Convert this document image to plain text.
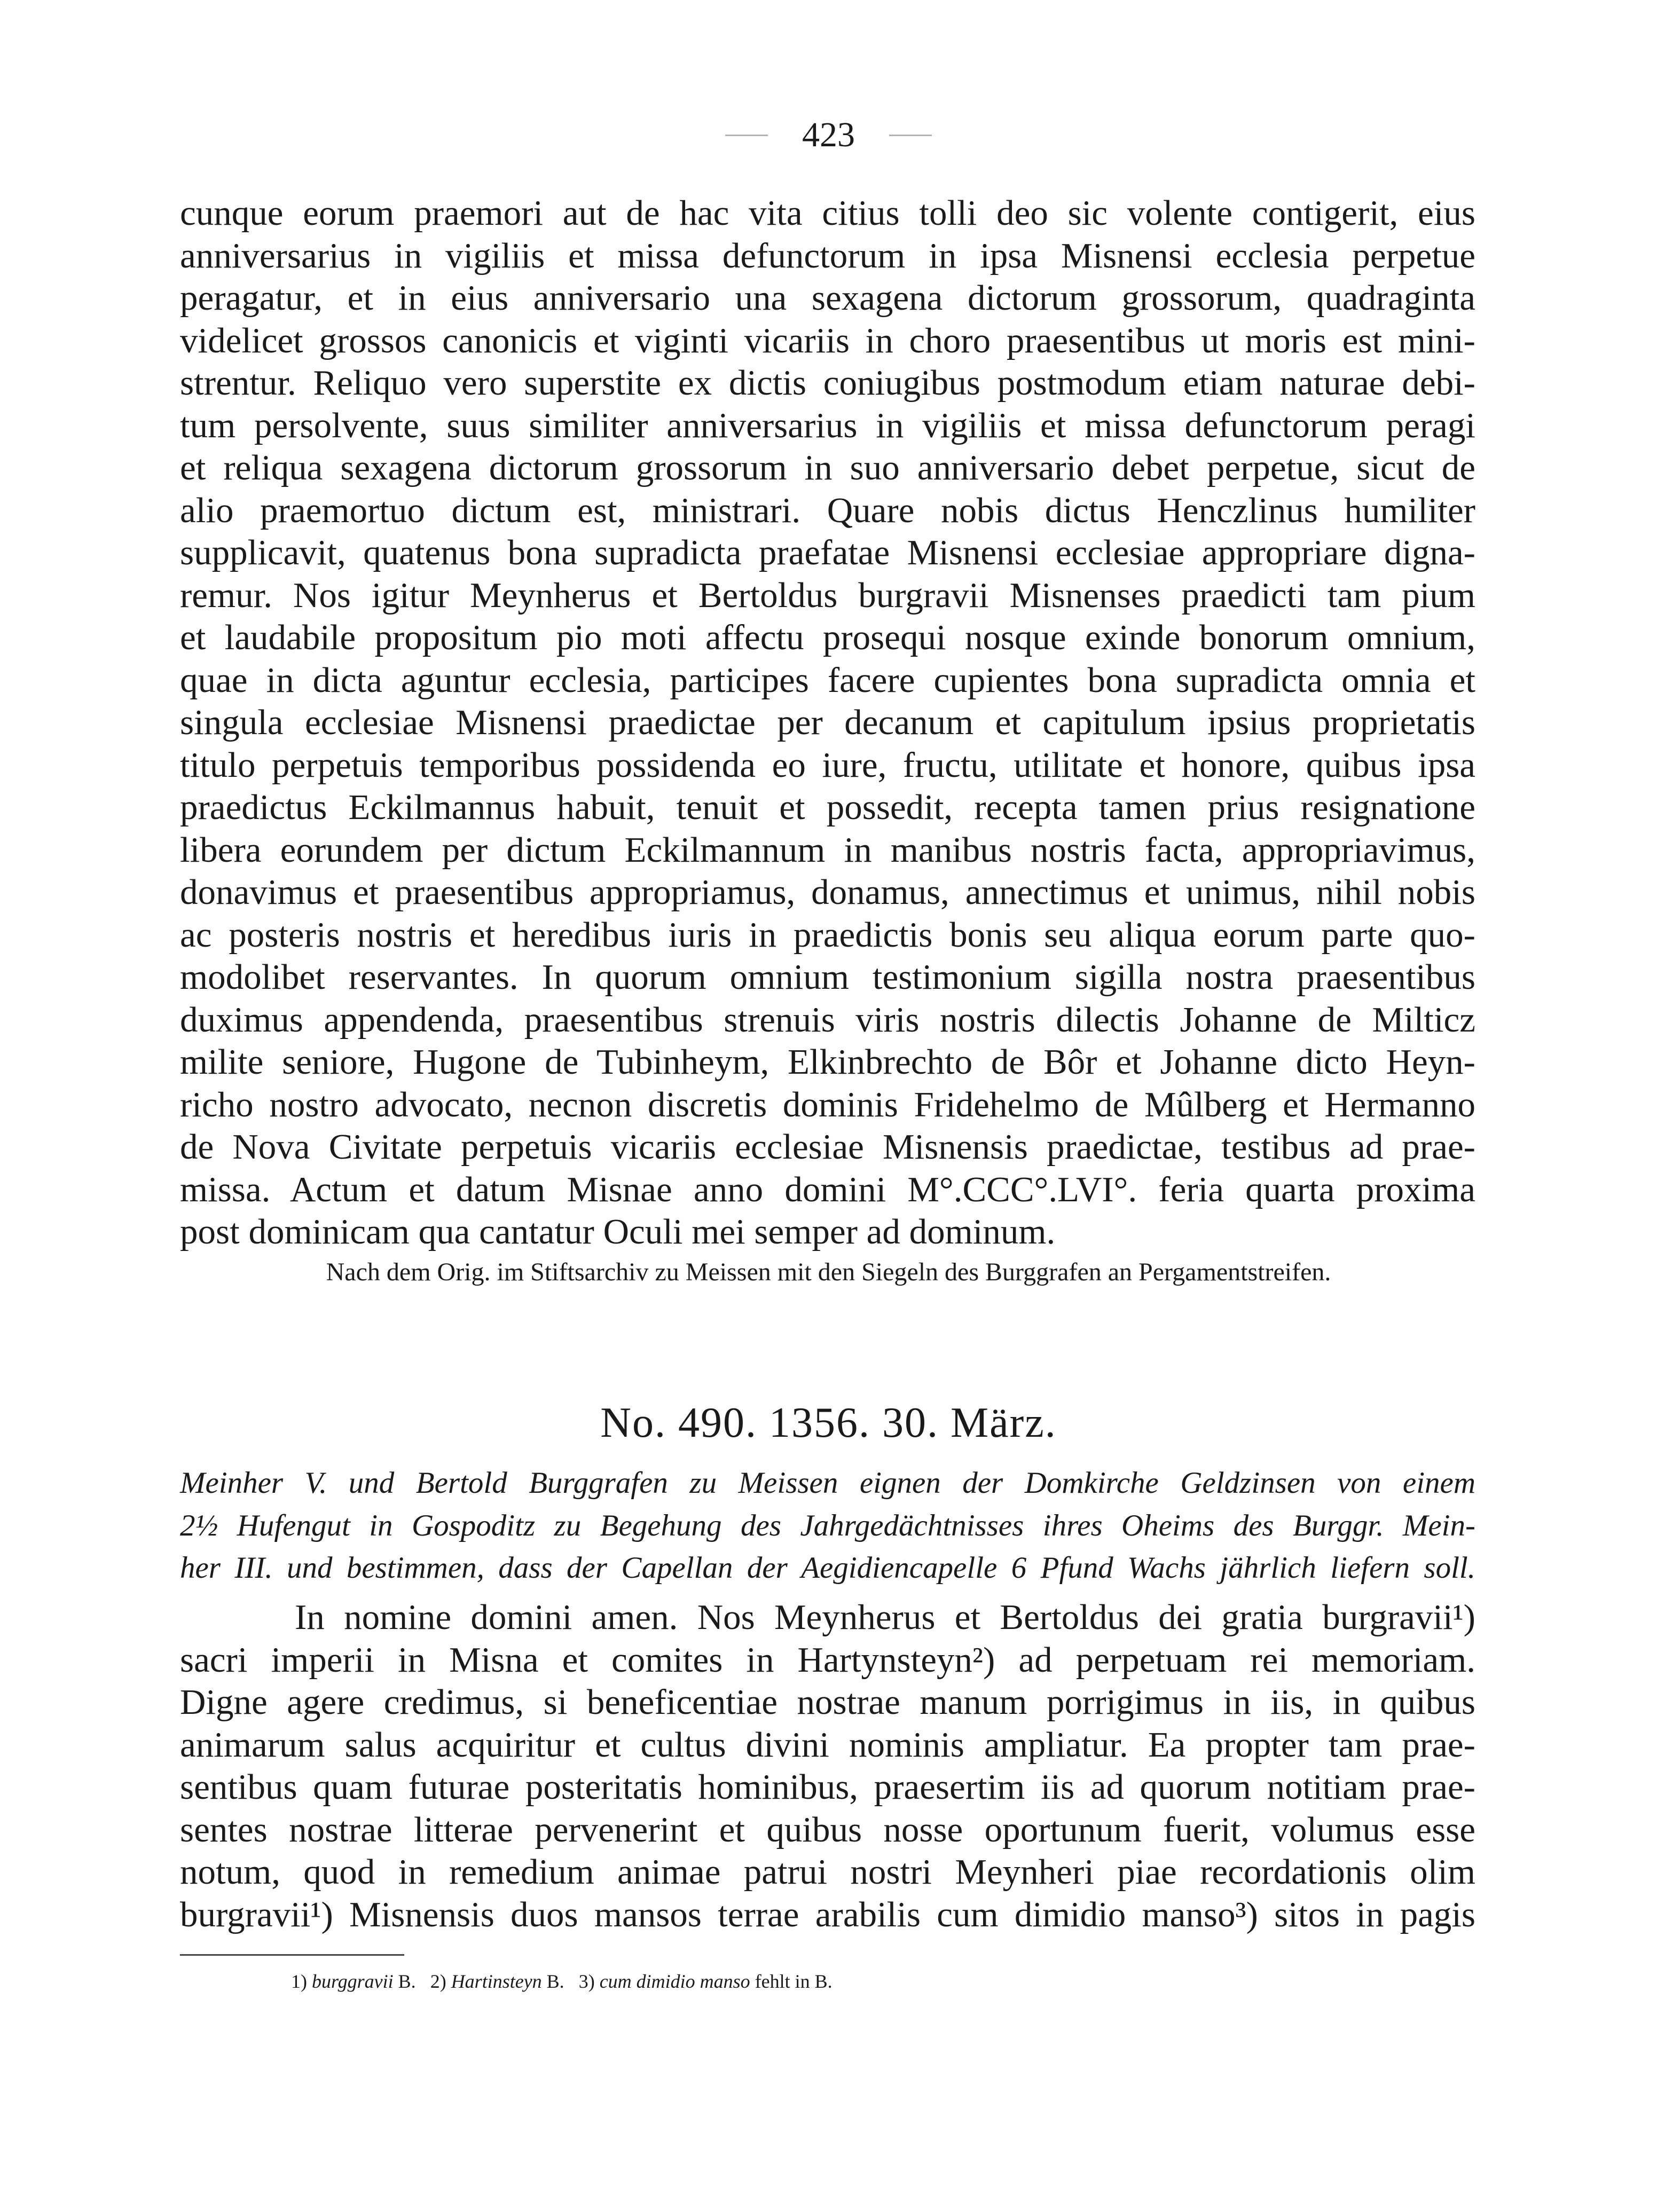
423
cunque eorum praemori aut de hac vita citius tolli deo sic volente contigerit, eius
anniversarius in vigiliis et missa defunctorum in ipsa Misnensi ecclesia perpetue
peragatur, et in eius anniversario una sexagena dictorum grossorum, quadraginta
videlicet grossos canonicis et viginti vicariis in choro praesentibus ut moris est mini-
strentur. Reliquo vero superstite ex dictis coniugibus postmodum etiam naturae debi-
tum persolvente, suus similiter anniversarius in vigiliis et missa defunctorum peragi
et reliqua sexagena dictorum grossorum in suo anniversario debet perpetue, sicut de
alio praemortuo dictum est, ministrari. Quare nobis dictus Henczlinus humiliter
supplicavit, quatenus bona supradicta praefatae Misnensi ecclesiae appropriare digna-
remur. Nos igitur Meynherus et Bertoldus burgravii Misnenses praedicti tam pium
et laudabile propositum pio moti affectu prosequi nosque exinde bonorum omnium,
quae in dicta aguntur ecclesia, participes facere cupientes bona supradicta omnia et
singula ecclesiae Misnensi praedictae per decanum et capitulum ipsius proprietatis
titulo perpetuis temporibus possidenda eo iure, fructu, utilitate et honore, quibus ipsa
praedictus Eckilmannus habuit, tenuit et possedit, recepta tamen prius resignatione
libera eorundem per dictum Eckilmannum in manibus nostris facta, appropriavimus,
donavimus et praesentibus appropriamus, donamus, annectimus et unimus, nihil nobis
ac posteris nostris et heredibus iuris in praedictis bonis seu aliqua eorum parte quo-
modolibet reservantes. In quorum omnium testimonium sigilla nostra praesentibus
duximus appendenda, praesentibus strenuis viris nostris dilectis Johanne de Milticz
milite seniore, Hugone de Tubinheym, Elkinbrechto de Bôr et Johanne dicto Heyn-
richo nostro advocato, necnon discretis dominis Fridehelmo de Mûlberg et Hermanno
de Nova Civitate perpetuis vicariis ecclesiae Misnensis praedictae, testibus ad prae-
missa. Actum et datum Misnae anno domini M°.CCC°.LVI°. feria quarta proxima
post dominicam qua cantatur Oculi mei semper ad dominum.
Nach dem Orig. im Stiftsarchiv zu Meissen mit den Siegeln des Burggrafen an Pergamentstreifen.
No. 490. 1356. 30. März.
Meinher V. und Bertold Burggrafen zu Meissen eignen der Domkirche Geldzinsen von einem
2½ Hufengut in Gospoditz zu Begehung des Jahrgedächtnisses ihres Oheims des Burggr. Mein-
her III. und bestimmen, dass der Capellan der Aegidiencapelle 6 Pfund Wachs jährlich liefern soll.
In nomine domini amen. Nos Meynherus et Bertoldus dei gratia burgravii¹)
sacri imperii in Misna et comites in Hartynsteyn²) ad perpetuam rei memoriam.
Digne agere credimus, si beneficentiae nostrae manum porrigimus in iis, in quibus
animarum salus acquiritur et cultus divini nominis ampliatur. Ea propter tam prae-
sentibus quam futurae posteritatis hominibus, praesertim iis ad quorum notitiam prae-
sentes nostrae litterae pervenerint et quibus nosse oportunum fuerit, volumus esse
notum, quod in remedium animae patrui nostri Meynheri piae recordationis olim
burgravii¹) Misnensis duos mansos terrae arabilis cum dimidio manso³) sitos in pagis
1) burggravii B. 2) Hartinsteyn B. 3) cum dimidio manso fehlt in B.
